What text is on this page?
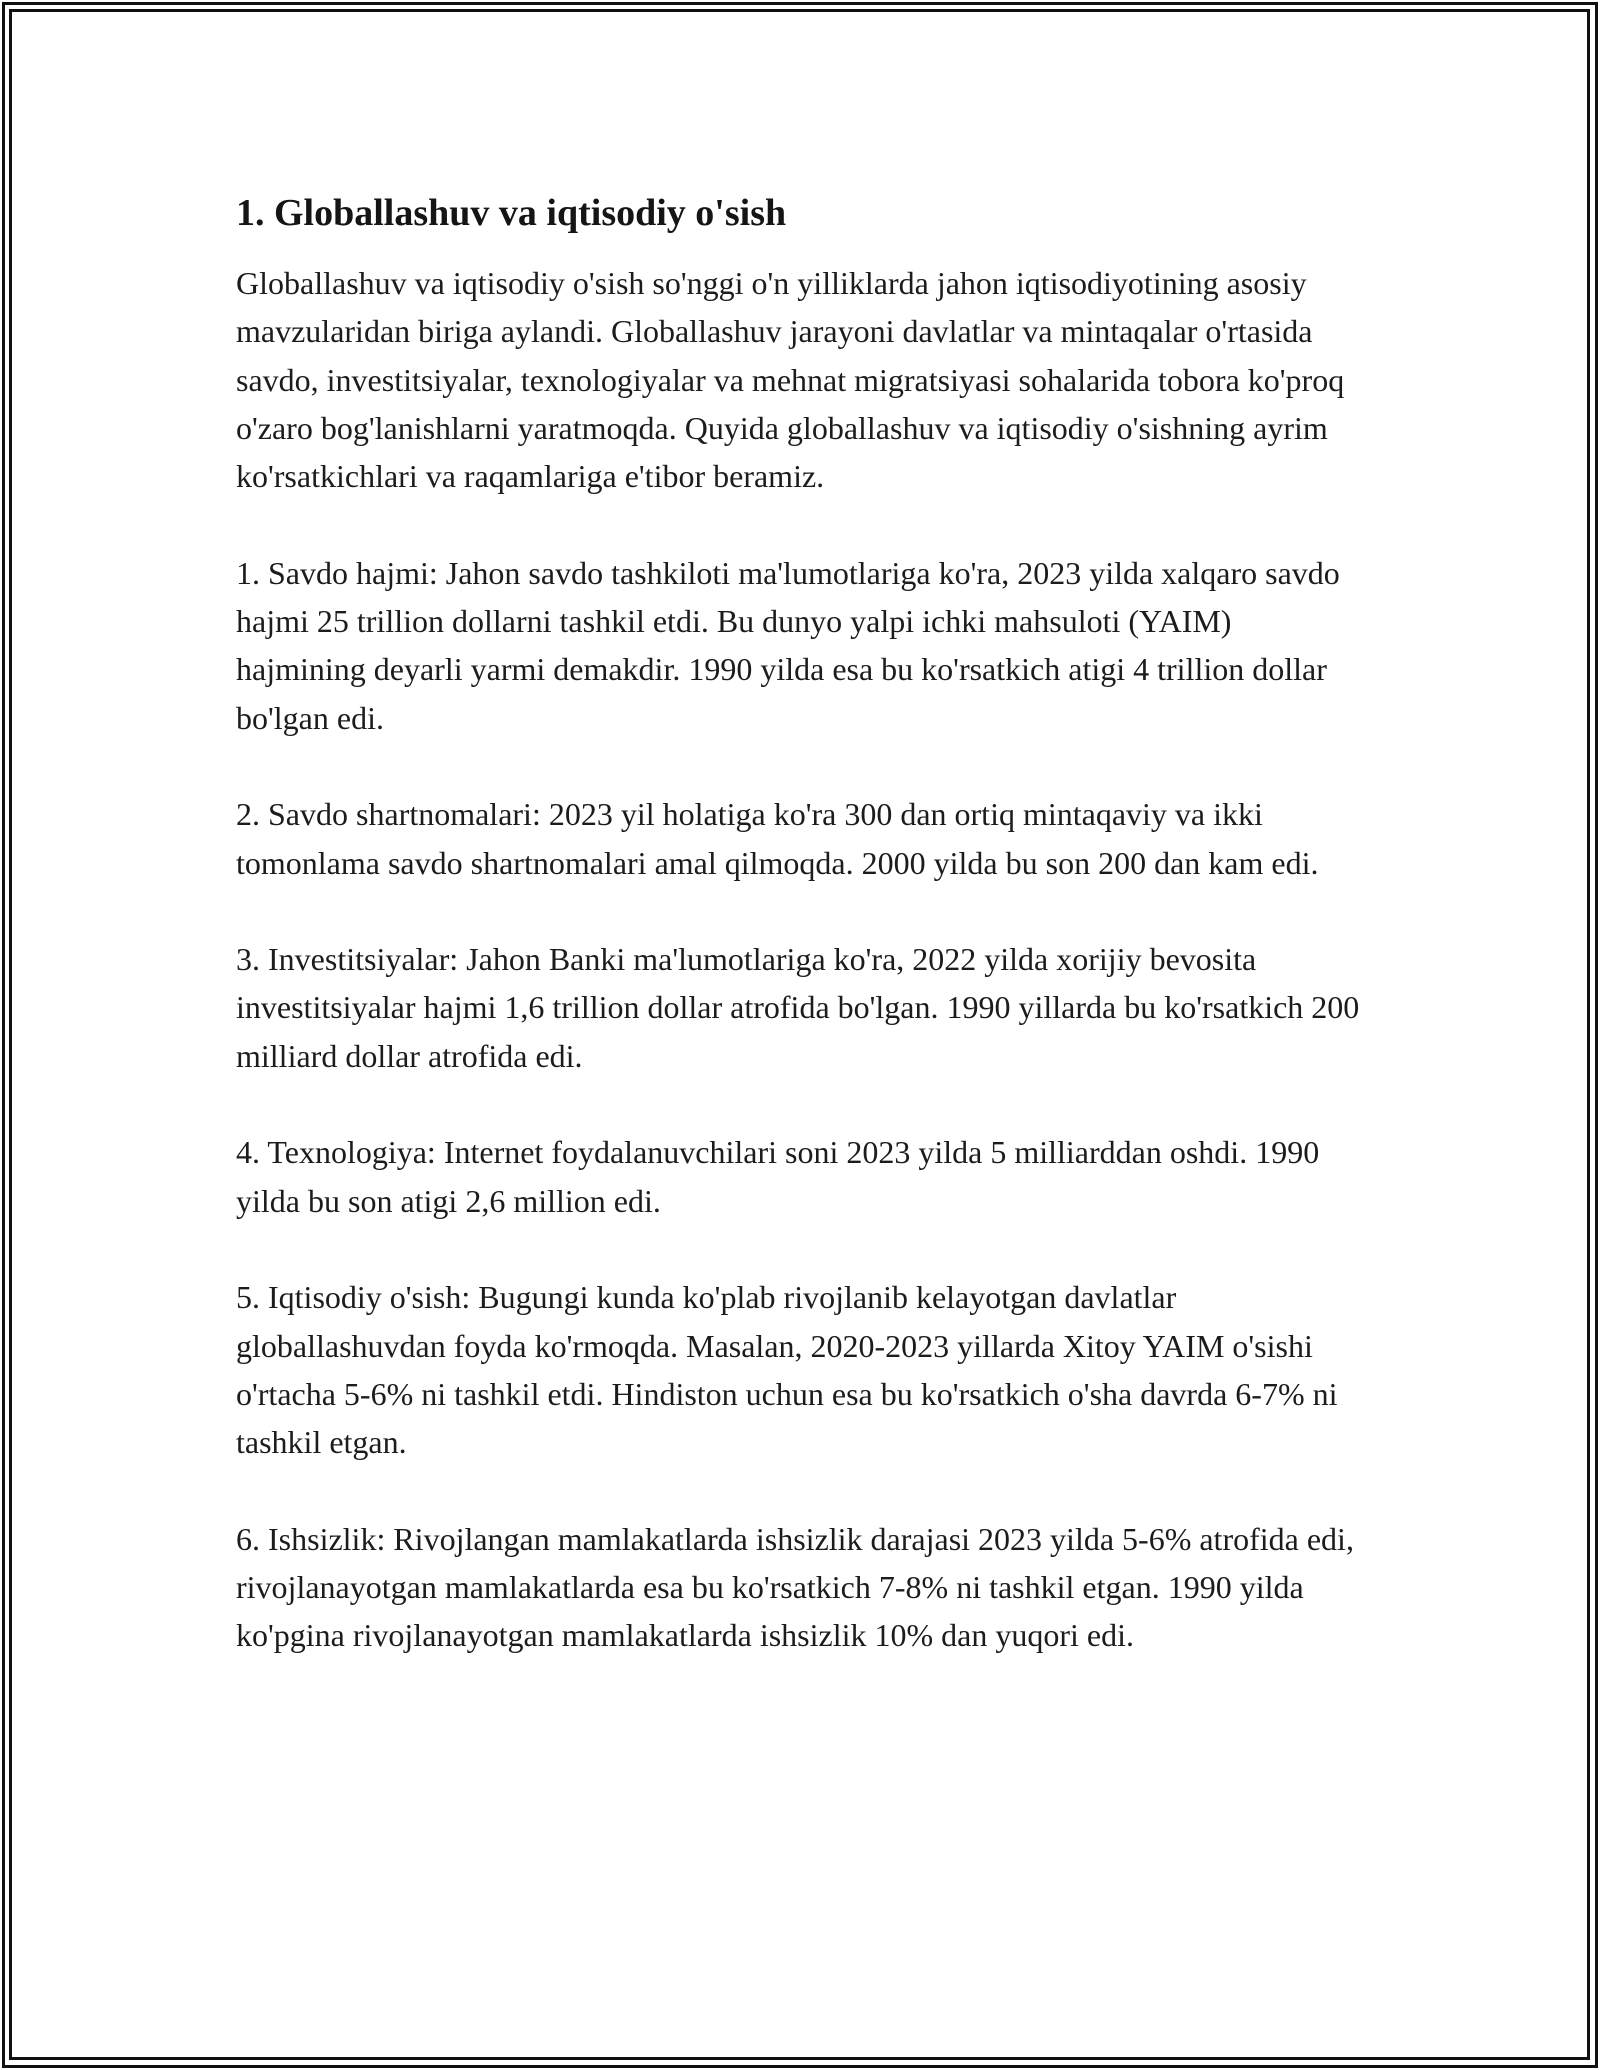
1. Globallashuv va iqtisodiy o'sish

Globallashuv va iqtisodiy o'sish so'nggi o'n yilliklarda jahon iqtisodiyotining asosiy mavzularidan biriga aylandi. Globallashuv jarayoni davlatlar va mintaqalar o'rtasida savdo, investitsiyalar, texnologiyalar va mehnat migratsiyasi sohalarida tobora ko'proq o'zaro bog'lanishlarni yaratmoqda. Quyida globallashuv va iqtisodiy o'sishning ayrim ko'rsatkichlari va raqamlariga e'tibor beramiz.

1. Savdo hajmi: Jahon savdo tashkiloti ma'lumotlariga ko'ra, 2023 yilda xalqaro savdo hajmi 25 trillion dollarni tashkil etdi. Bu dunyo yalpi ichki mahsuloti (YAIM) hajmining deyarli yarmi demakdir. 1990 yilda esa bu ko'rsatkich atigi 4 trillion dollar bo'lgan edi.

2. Savdo shartnomalari: 2023 yil holatiga ko'ra 300 dan ortiq mintaqaviy va ikki tomonlama savdo shartnomalari amal qilmoqda. 2000 yilda bu son 200 dan kam edi.

3. Investitsiyalar: Jahon Banki ma'lumotlariga ko'ra, 2022 yilda xorijiy bevosita investitsiyalar hajmi 1,6 trillion dollar atrofida bo'lgan. 1990 yillarda bu ko'rsatkich 200 milliard dollar atrofida edi.

4. Texnologiya: Internet foydalanuvchilari soni 2023 yilda 5 milliarddan oshdi. 1990 yilda bu son atigi 2,6 million edi.

5. Iqtisodiy o'sish: Bugungi kunda ko'plab rivojlanib kelayotgan davlatlar globallashuvdan foyda ko'rmoqda. Masalan, 2020-2023 yillarda Xitoy YAIM o'sishi o'rtacha 5-6% ni tashkil etdi. Hindiston uchun esa bu ko'rsatkich o'sha davrda 6-7% ni tashkil etgan.

6. Ishsizlik: Rivojlangan mamlakatlarda ishsizlik darajasi 2023 yilda 5-6% atrofida edi, rivojlanayotgan mamlakatlarda esa bu ko'rsatkich 7-8% ni tashkil etgan. 1990 yilda ko'pgina rivojlanayotgan mamlakatlarda ishsizlik 10% dan yuqori edi.
